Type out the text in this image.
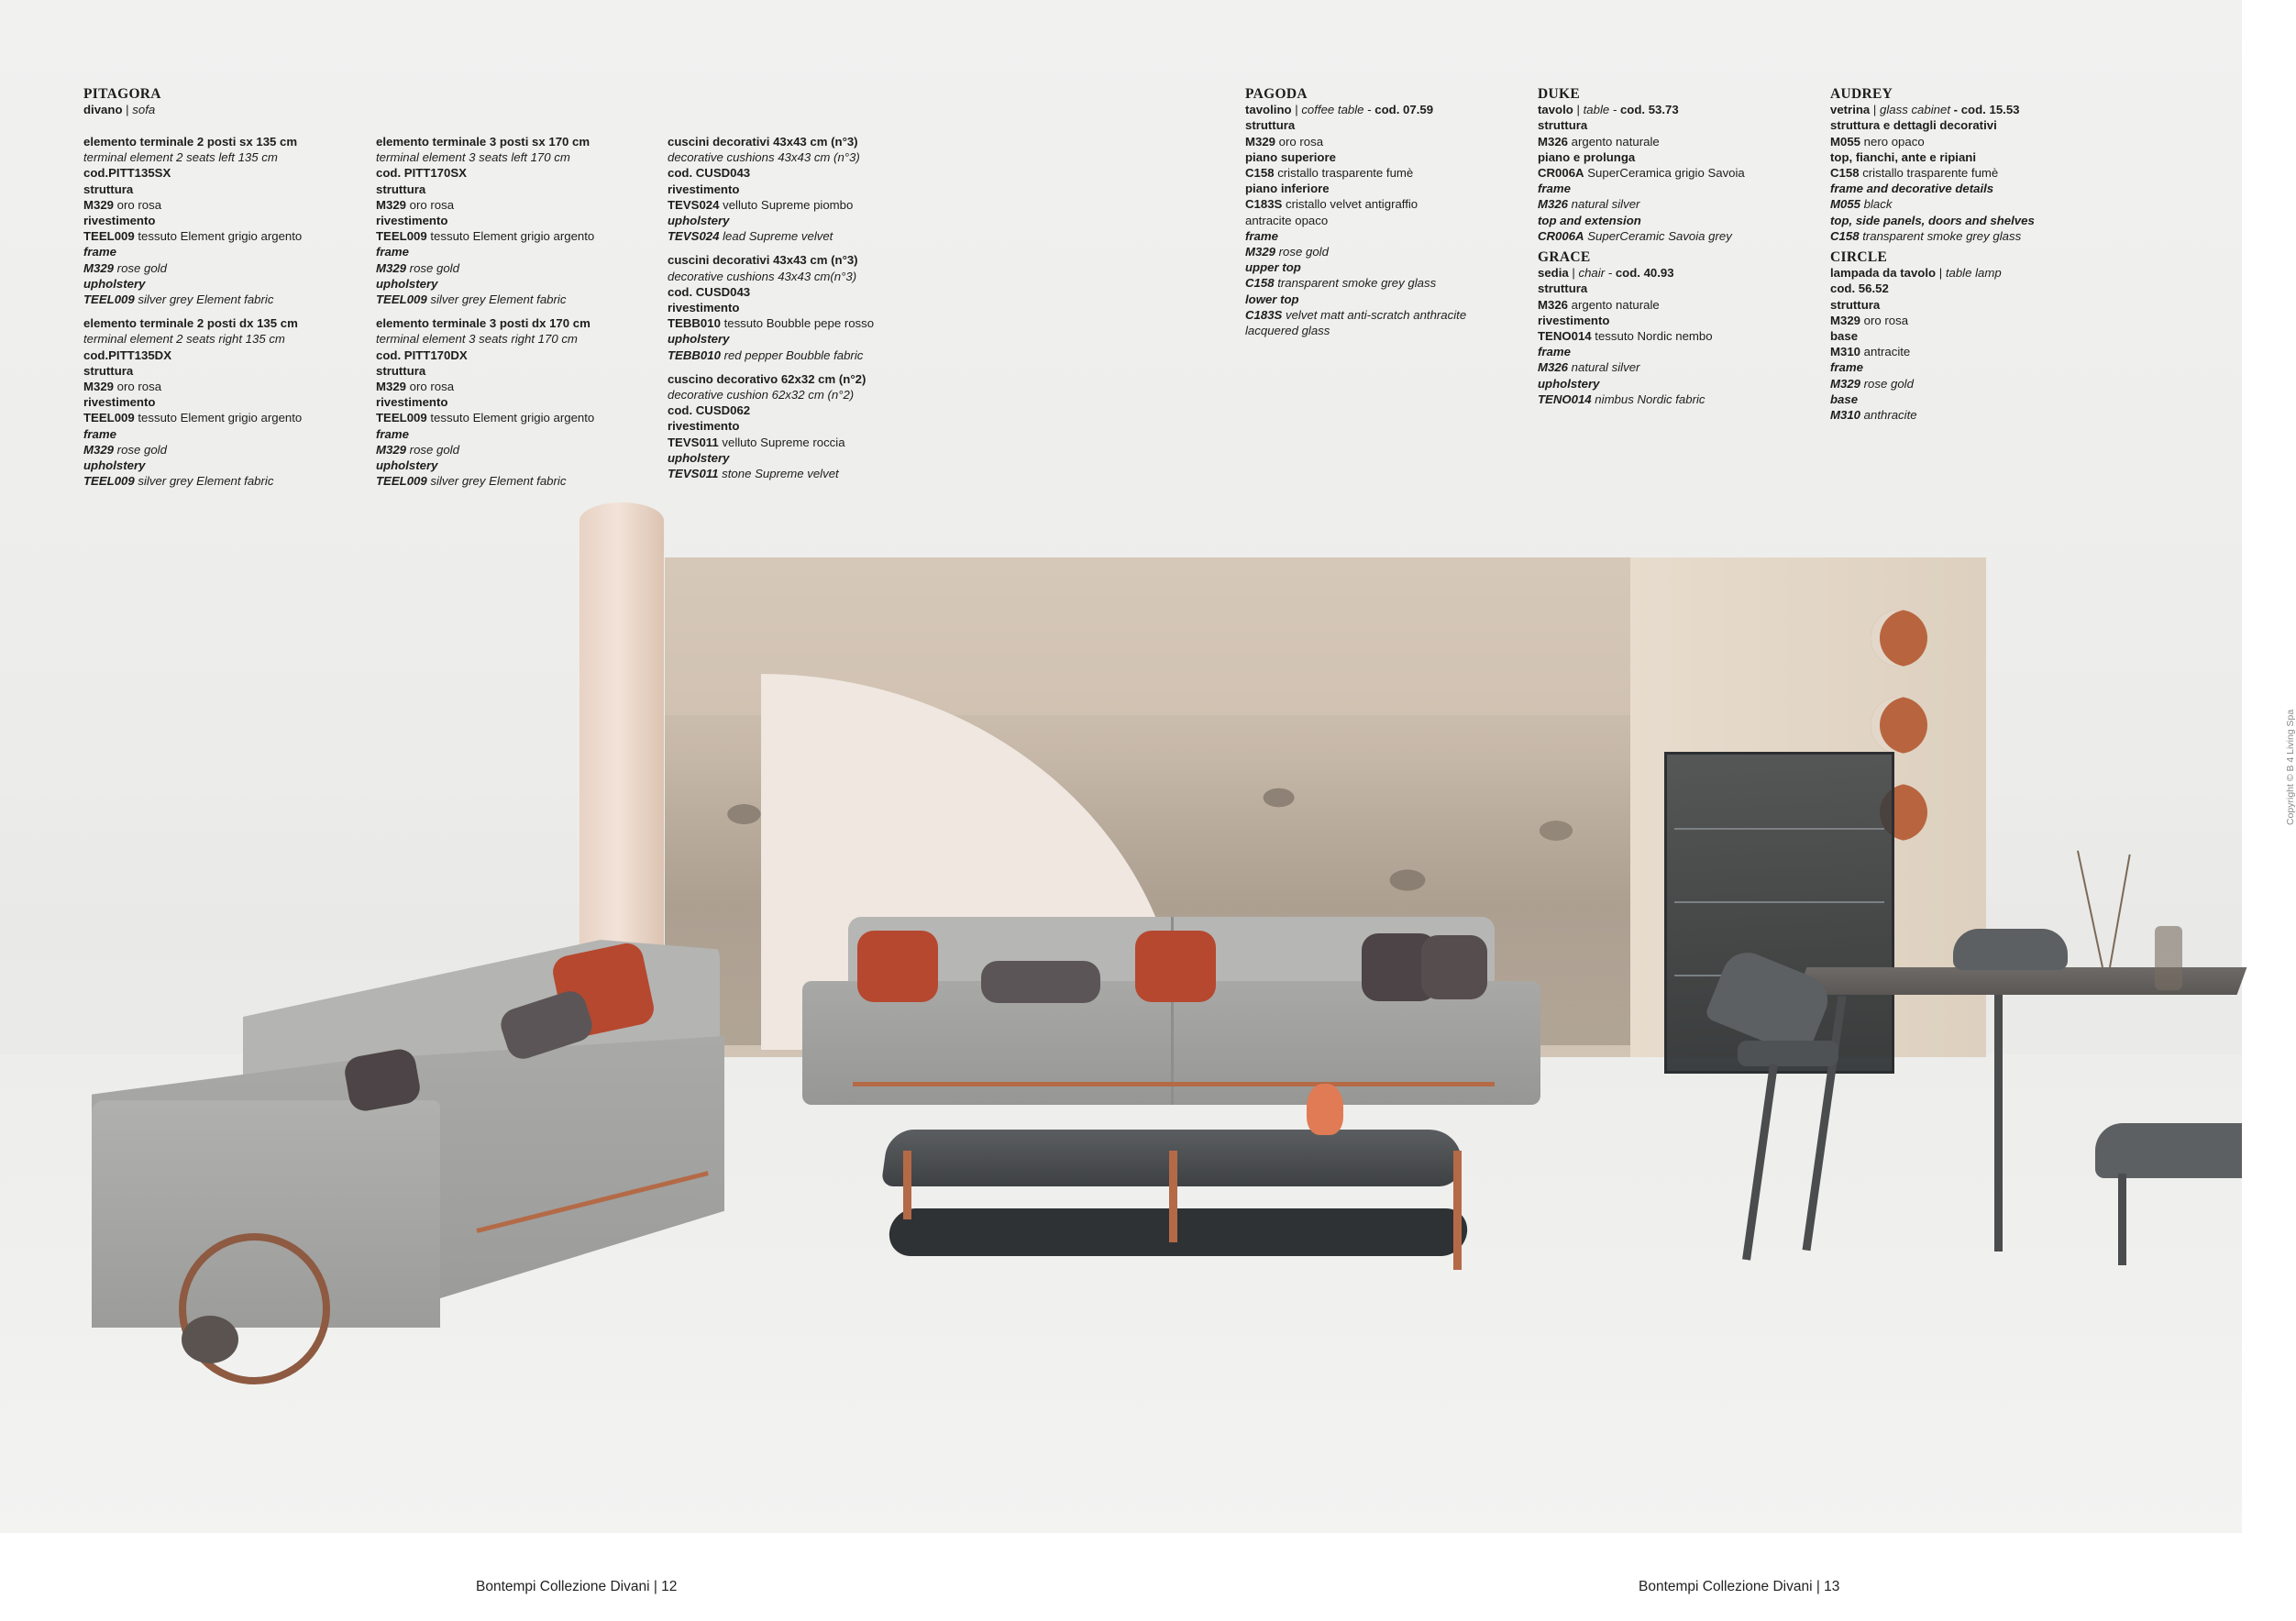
PITAGORA
divano | sofa
elemento terminale 2 posti sx 135 cm
terminal element 2 seats left 135 cm
cod.PITT135SX
struttura
M329 oro rosa
rivestimento
TEEL009 tessuto Element grigio argento
frame
M329 rose gold
upholstery
TEEL009 silver grey Element fabric
elemento terminale 2 posti dx 135 cm
terminal element 2 seats right 135 cm
cod.PITT135DX
struttura
M329 oro rosa
rivestimento
TEEL009 tessuto Element grigio argento
frame
M329 rose gold
upholstery
TEEL009 silver grey Element fabric
elemento terminale 3 posti sx 170 cm
terminal element 3 seats left 170 cm
cod. PITT170SX
struttura
M329 oro rosa
rivestimento
TEEL009 tessuto Element grigio argento
frame
M329 rose gold
upholstery
TEEL009 silver grey Element fabric
elemento terminale 3 posti dx 170 cm
terminal element 3 seats right 170 cm
cod. PITT170DX
struttura
M329 oro rosa
rivestimento
TEEL009 tessuto Element grigio argento
frame
M329 rose gold
upholstery
TEEL009 silver grey Element fabric
cuscini decorativi 43x43 cm (n°3)
decorative cushions 43x43 cm (n°3)
cod. CUSD043
rivestimento
TEVS024 velluto Supreme piombo
upholstery
TEVS024 lead Supreme velvet
cuscini decorativi 43x43 cm (n°3)
decorative cushions 43x43 cm(n°3)
cod. CUSD043
rivestimento
TEBB010 tessuto Boubble pepe rosso
upholstery
TEBB010 red pepper Boubble fabric
cuscino decorativo 62x32 cm (n°2)
decorative cushion 62x32 cm (n°2)
cod. CUSD062
rivestimento
TEVS011 velluto Supreme roccia
upholstery
TEVS011 stone Supreme velvet
PAGODA
tavolino | coffee table - cod. 07.59
struttura
M329 oro rosa
piano superiore
C158 cristallo trasparente fumè
piano inferiore
C183S cristallo velvet antigraffio
antracite opaco
frame
M329 rose gold
upper top
C158 transparent smoke grey glass
lower top
C183S velvet matt anti-scratch anthracite
lacquered glass
DUKE
tavolo | table - cod. 53.73
struttura
M326 argento naturale
piano e prolunga
CR006A SuperCeramica grigio Savoia
frame
M326 natural silver
top and extension
CR006A SuperCeramic Savoia grey
GRACE
sedia | chair - cod. 40.93
struttura
M326 argento naturale
rivestimento
TENO014 tessuto Nordic nembo
frame
M326 natural silver
upholstery
TENO014 nimbus Nordic fabric
AUDREY
vetrina | glass cabinet - cod. 15.53
struttura e dettagli decorativi
M055 nero opaco
top, fianchi, ante e ripiani
C158 cristallo trasparente fumè
frame and decorative details
M055 black
top, side panels, doors and shelves
C158 transparent smoke grey glass
CIRCLE
lampada da tavolo | table lamp
cod. 56.52
struttura
M329 oro rosa
base
M310 antracite
frame
M329 rose gold
base
M310 anthracite
Copyright © B 4 Living Spa
Bontempi Collezione Divani | 12	Bontempi Collezione Divani | 13
